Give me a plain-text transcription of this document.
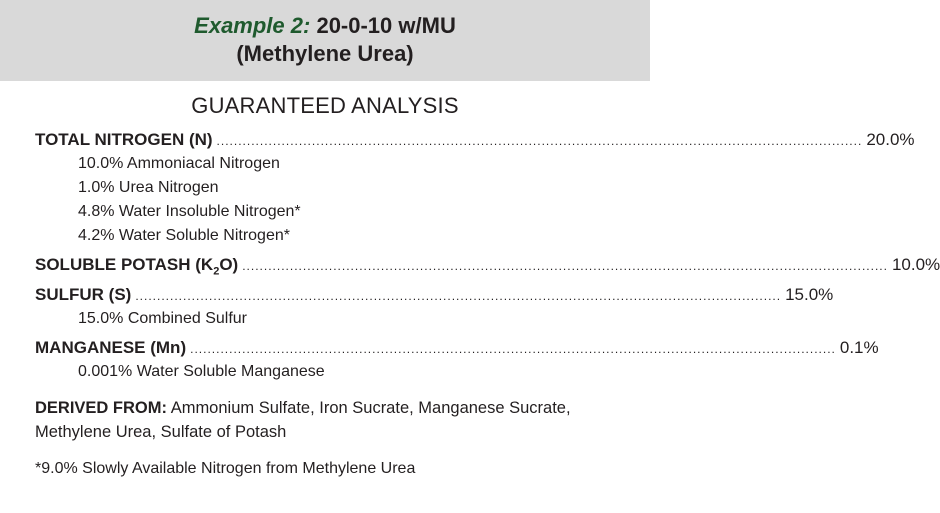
Example 2: 20-0-10 w/MU
(Methylene Urea)
GUARANTEED ANALYSIS
TOTAL NITROGEN (N) ..................................................................................................................................................... 20.0%
10.0% Ammoniacal Nitrogen
1.0% Urea Nitrogen
4.8% Water Insoluble Nitrogen*
4.2% Water Soluble Nitrogen*
SOLUBLE POTASH $(K_2O)$ ..................................................................................................................................................... 10.0%
SULFUR (S) ..................................................................................................................................................... 15.0%
15.0% Combined Sulfur
MANGANESE (Mn) ..................................................................................................................................................... 0.1%
0.001% Water Soluble Manganese
DERIVED FROM: Ammonium Sulfate, Iron Sucrate, Manganese Sucrate, Methylene Urea, Sulfate of Potash
*9.0% Slowly Available Nitrogen from Methylene Urea
